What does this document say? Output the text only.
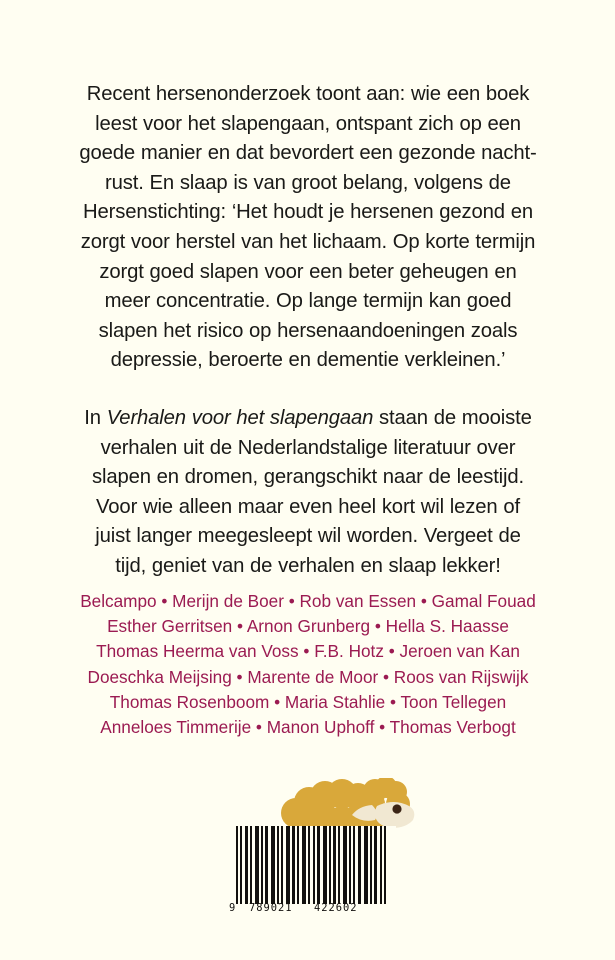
Recent hersenonderzoek toont aan: wie een boek leest voor het slapengaan, ontspant zich op een goede manier en dat bevordert een gezonde nacht-rust. En slaap is van groot belang, volgens de Hersenstichting: ‘Het houdt je hersenen gezond en zorgt voor herstel van het lichaam. Op korte termijn zorgt goed slapen voor een beter geheugen en meer concentratie. Op lange termijn kan goed slapen het risico op hersenaandoeningen zoals depressie, beroerte en dementie verkleinen.’

In Verhalen voor het slapengaan staan de mooiste verhalen uit de Nederlandstalige literatuur over slapen en dromen, gerangschikt naar de leestijd. Voor wie alleen maar even heel kort wil lezen of juist langer meegesleept wil worden. Vergeet de tijd, geniet van de verhalen en slaap lekker!

Belcampo • Merijn de Boer • Rob van Essen • Gamal Fouad
Esther Gerritsen • Arnon Grunberg • Hella S. Haasse
Thomas Heerma van Voss • F.B. Hotz • Jeroen van Kan
Doeschka Meijsing • Marente de Moor • Roos van Rijswijk
Thomas Rosenboom • Maria Stahlie • Toon Tellegen
Anneloes Timmerije • Manon Uphoff • Thomas Verbogt
9 789021 422602
